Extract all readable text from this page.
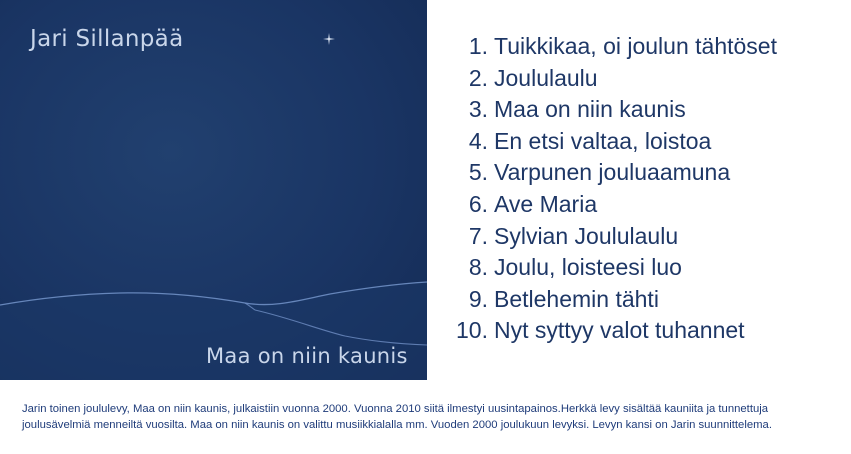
Jari Sillanpää
Maa on niin kaunis
1. Tuikkikaa, oi joulun tähtöset
2. Joululaulu
3. Maa on niin kaunis
4. En etsi valtaa, loistoa
5. Varpunen jouluaamuna
6. Ave Maria
7. Sylvian Joululaulu
8. Joulu, loisteesi luo
9. Betlehemin tähti
10. Nyt syttyy valot tuhannet

Jarin toinen joululevy, Maa on niin kaunis, julkaistiin vuonna 2000. Vuonna 2010 siitä ilmestyi uusintapainos.Herkkä levy sisältää kauniita ja tunnettuja
joulusävelmiä menneiltä vuosilta. Maa on niin kaunis on valittu musiikkialalla mm. Vuoden 2000 joulukuun levyksi. Levyn kansi on Jarin suunnittelema.
